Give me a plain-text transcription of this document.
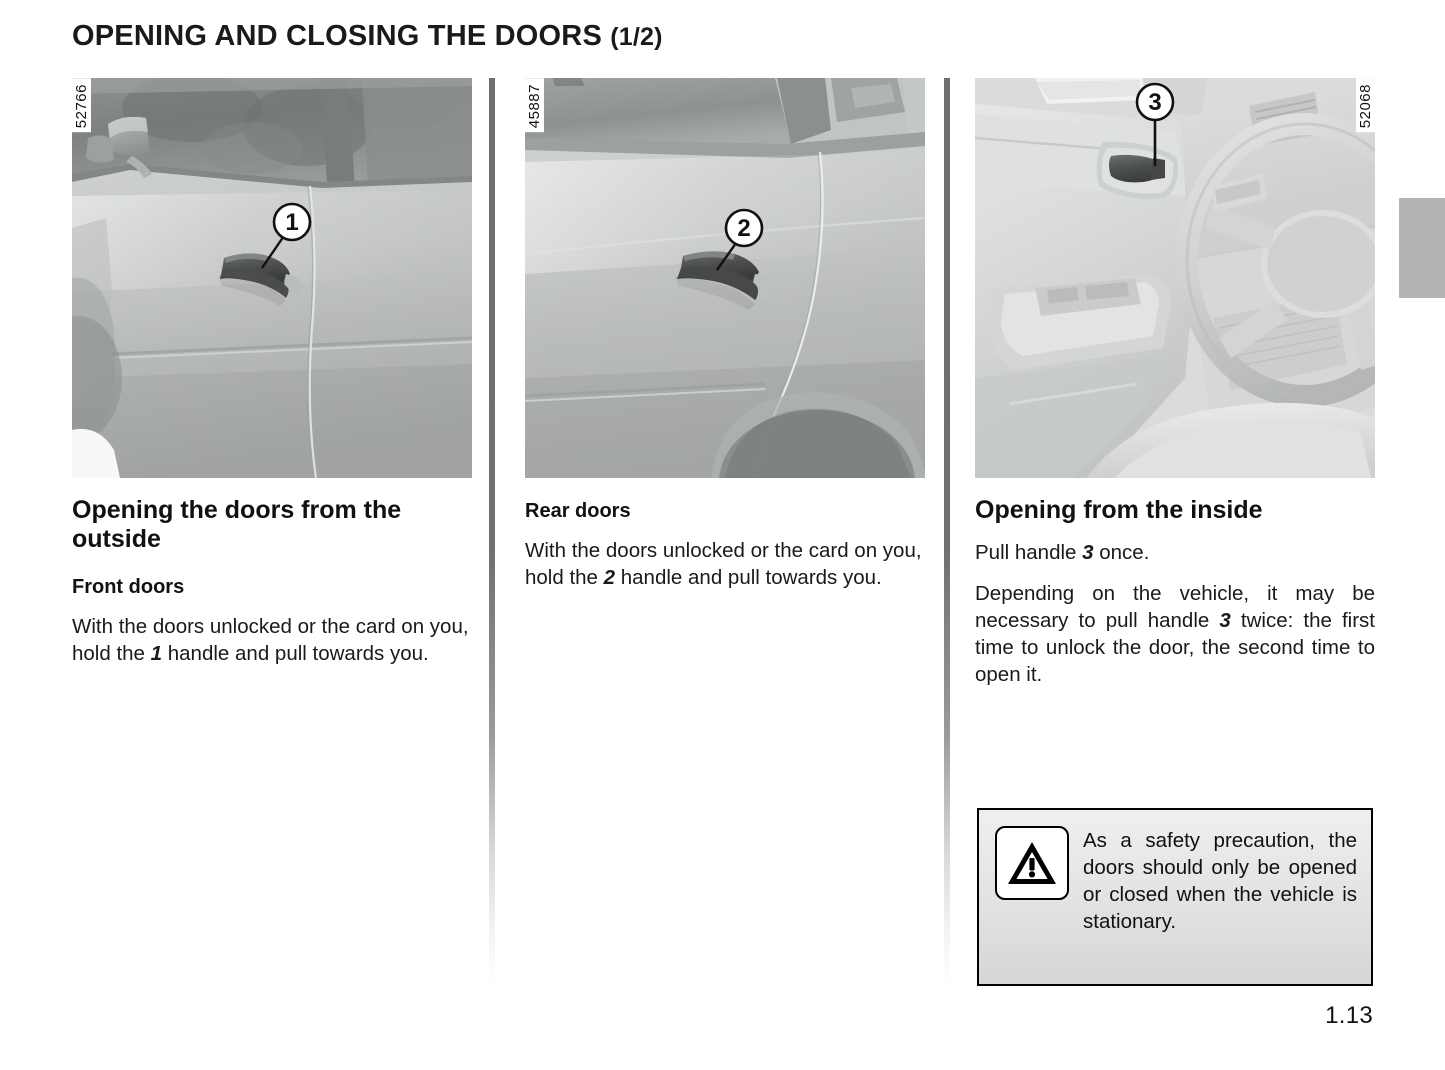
OPENING AND CLOSING THE DOORS (1/2)
1
52766
Opening the doors from the outside
Front doors

With the doors unlocked or the card on you, hold the 1 handle and pull towards you.

2
45887
Rear doors

With the doors unlocked or the card on you, hold the 2 handle and pull towards you.

3	52068
Opening from the inside

Pull handle 3 once.

Depending on the vehicle, it may be necessary to pull handle 3 twice: the first time to unlock the door, the second time to open it.

As a safety precaution, the doors should only be opened or closed when the vehicle is stationary.

1.13
